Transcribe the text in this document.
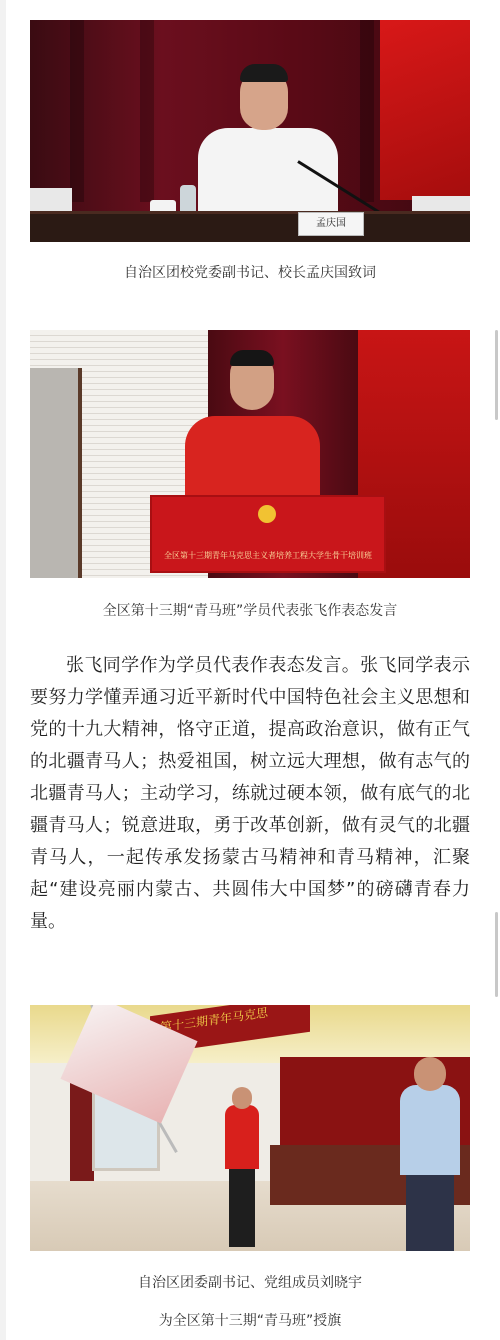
孟庆国
自治区团校党委副书记、校长孟庆国致词
全区第十三期青年马克思主义者培养工程大学生骨干培训班
全区第十三期“青马班”学员代表张飞作表态发言

张飞同学作为学员代表作表态发言。张飞同学表示要努力学懂弄通习近平新时代中国特色社会主义思想和党的十九大精神，恪守正道，提高政治意识，做有正气的北疆青马人；热爱祖国，树立远大理想，做有志气的北疆青马人；主动学习，练就过硬本领，做有底气的北疆青马人；锐意进取，勇于改革创新，做有灵气的北疆青马人，一起传承发扬蒙古马精神和青马精神，汇聚起“建设亮丽内蒙古、共圆伟大中国梦”的磅礴青春力量。

第十三期青年马克思
自治区团委副书记、党组成员刘晓宇
为全区第十三期“青马班”授旗
